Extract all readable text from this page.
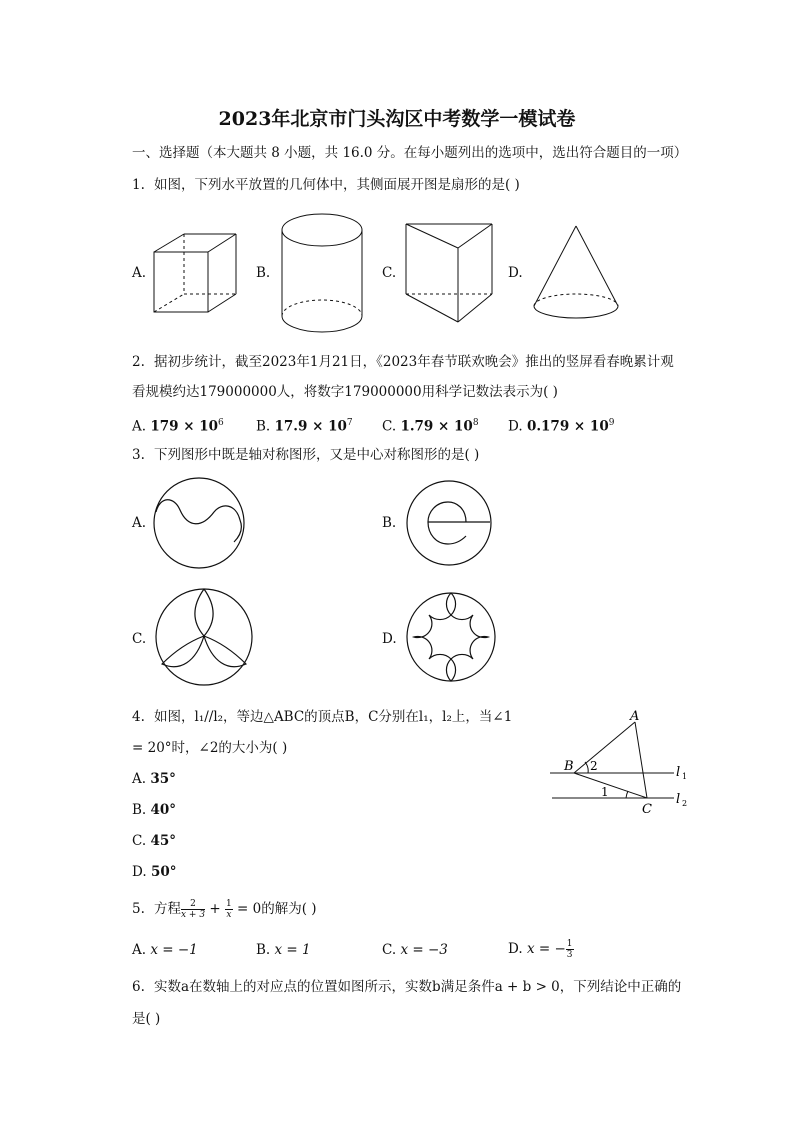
2023年北京市门头沟区中考数学一模试卷
一、选择题（本大题共 8 小题，共 16.0 分。在每小题列出的选项中，选出符合题目的一项）
1. 如图，下列水平放置的几何体中，其侧面展开图是扇形的是( )
A.	B.	C.	D.
2. 据初步统计，截至2023年1月21日，《2023年春节联欢晚会》推出的竖屏看春晚累计观
看规模约达179000000人，将数字179000000用科学记数法表示为( )
A. $179 \times 10^6$ B. $17.9 \times 10^7$ C. $1.79 \times 10^8$ D. $0.179 \times 10^9$
3. 下列图形中既是轴对称图形，又是中心对称图形的是( )
A.	B.
C.	D.
4. 如图，l₁//l₂，等边△ABC的顶点B，C分别在l₁，l₂上，当∠1
= 20°时，∠2的大小为( )
A. 35°
B. 40°
C. 45°
D. 50°
A
B
C
2
1
l 1
l 2
5. 方程 $\frac{2}{x + 3} + \frac{1}{x} = 0$的解为( )
A. x = −1	B. x = 1	C. x = −3	D. x = − $\frac{1}{3}$
6. 实数a在数轴上的对应点的位置如图所示，实数b满足条件a + b > 0，下列结论中正确的
是( )
